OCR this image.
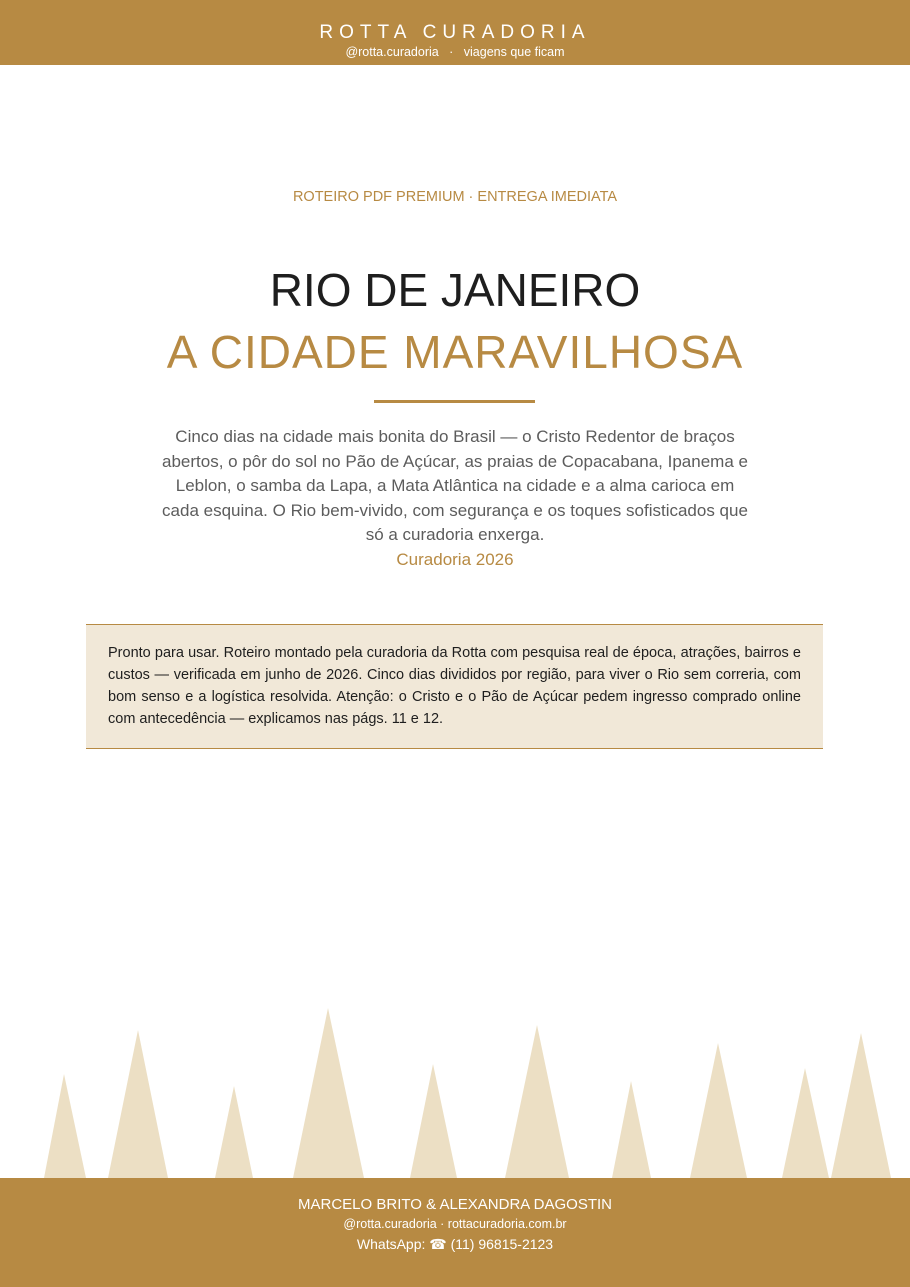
ROTTA CURADORIA
@rotta.curadoria · viagens que ficam
ROTEIRO PDF PREMIUM · ENTREGA IMEDIATA
RIO DE JANEIRO
A CIDADE MARAVILHOSA
Cinco dias na cidade mais bonita do Brasil — o Cristo Redentor de braços abertos, o pôr do sol no Pão de Açúcar, as praias de Copacabana, Ipanema e Leblon, o samba da Lapa, a Mata Atlântica na cidade e a alma carioca em cada esquina. O Rio bem-vivido, com segurança e os toques sofisticados que só a curadoria enxerga.
Curadoria 2026
Pronto para usar. Roteiro montado pela curadoria da Rotta com pesquisa real de época, atrações, bairros e custos — verificada em junho de 2026. Cinco dias divididos por região, para viver o Rio sem correria, com bom senso e a logística resolvida. Atenção: o Cristo e o Pão de Açúcar pedem ingresso comprado online com antecedência — explicamos nas págs. 11 e 12.
MARCELO BRITO & ALEXANDRA DAGOSTIN
@rotta.curadoria · rottacuradoria.com.br
WhatsApp: ☎ (11) 96815-2123
